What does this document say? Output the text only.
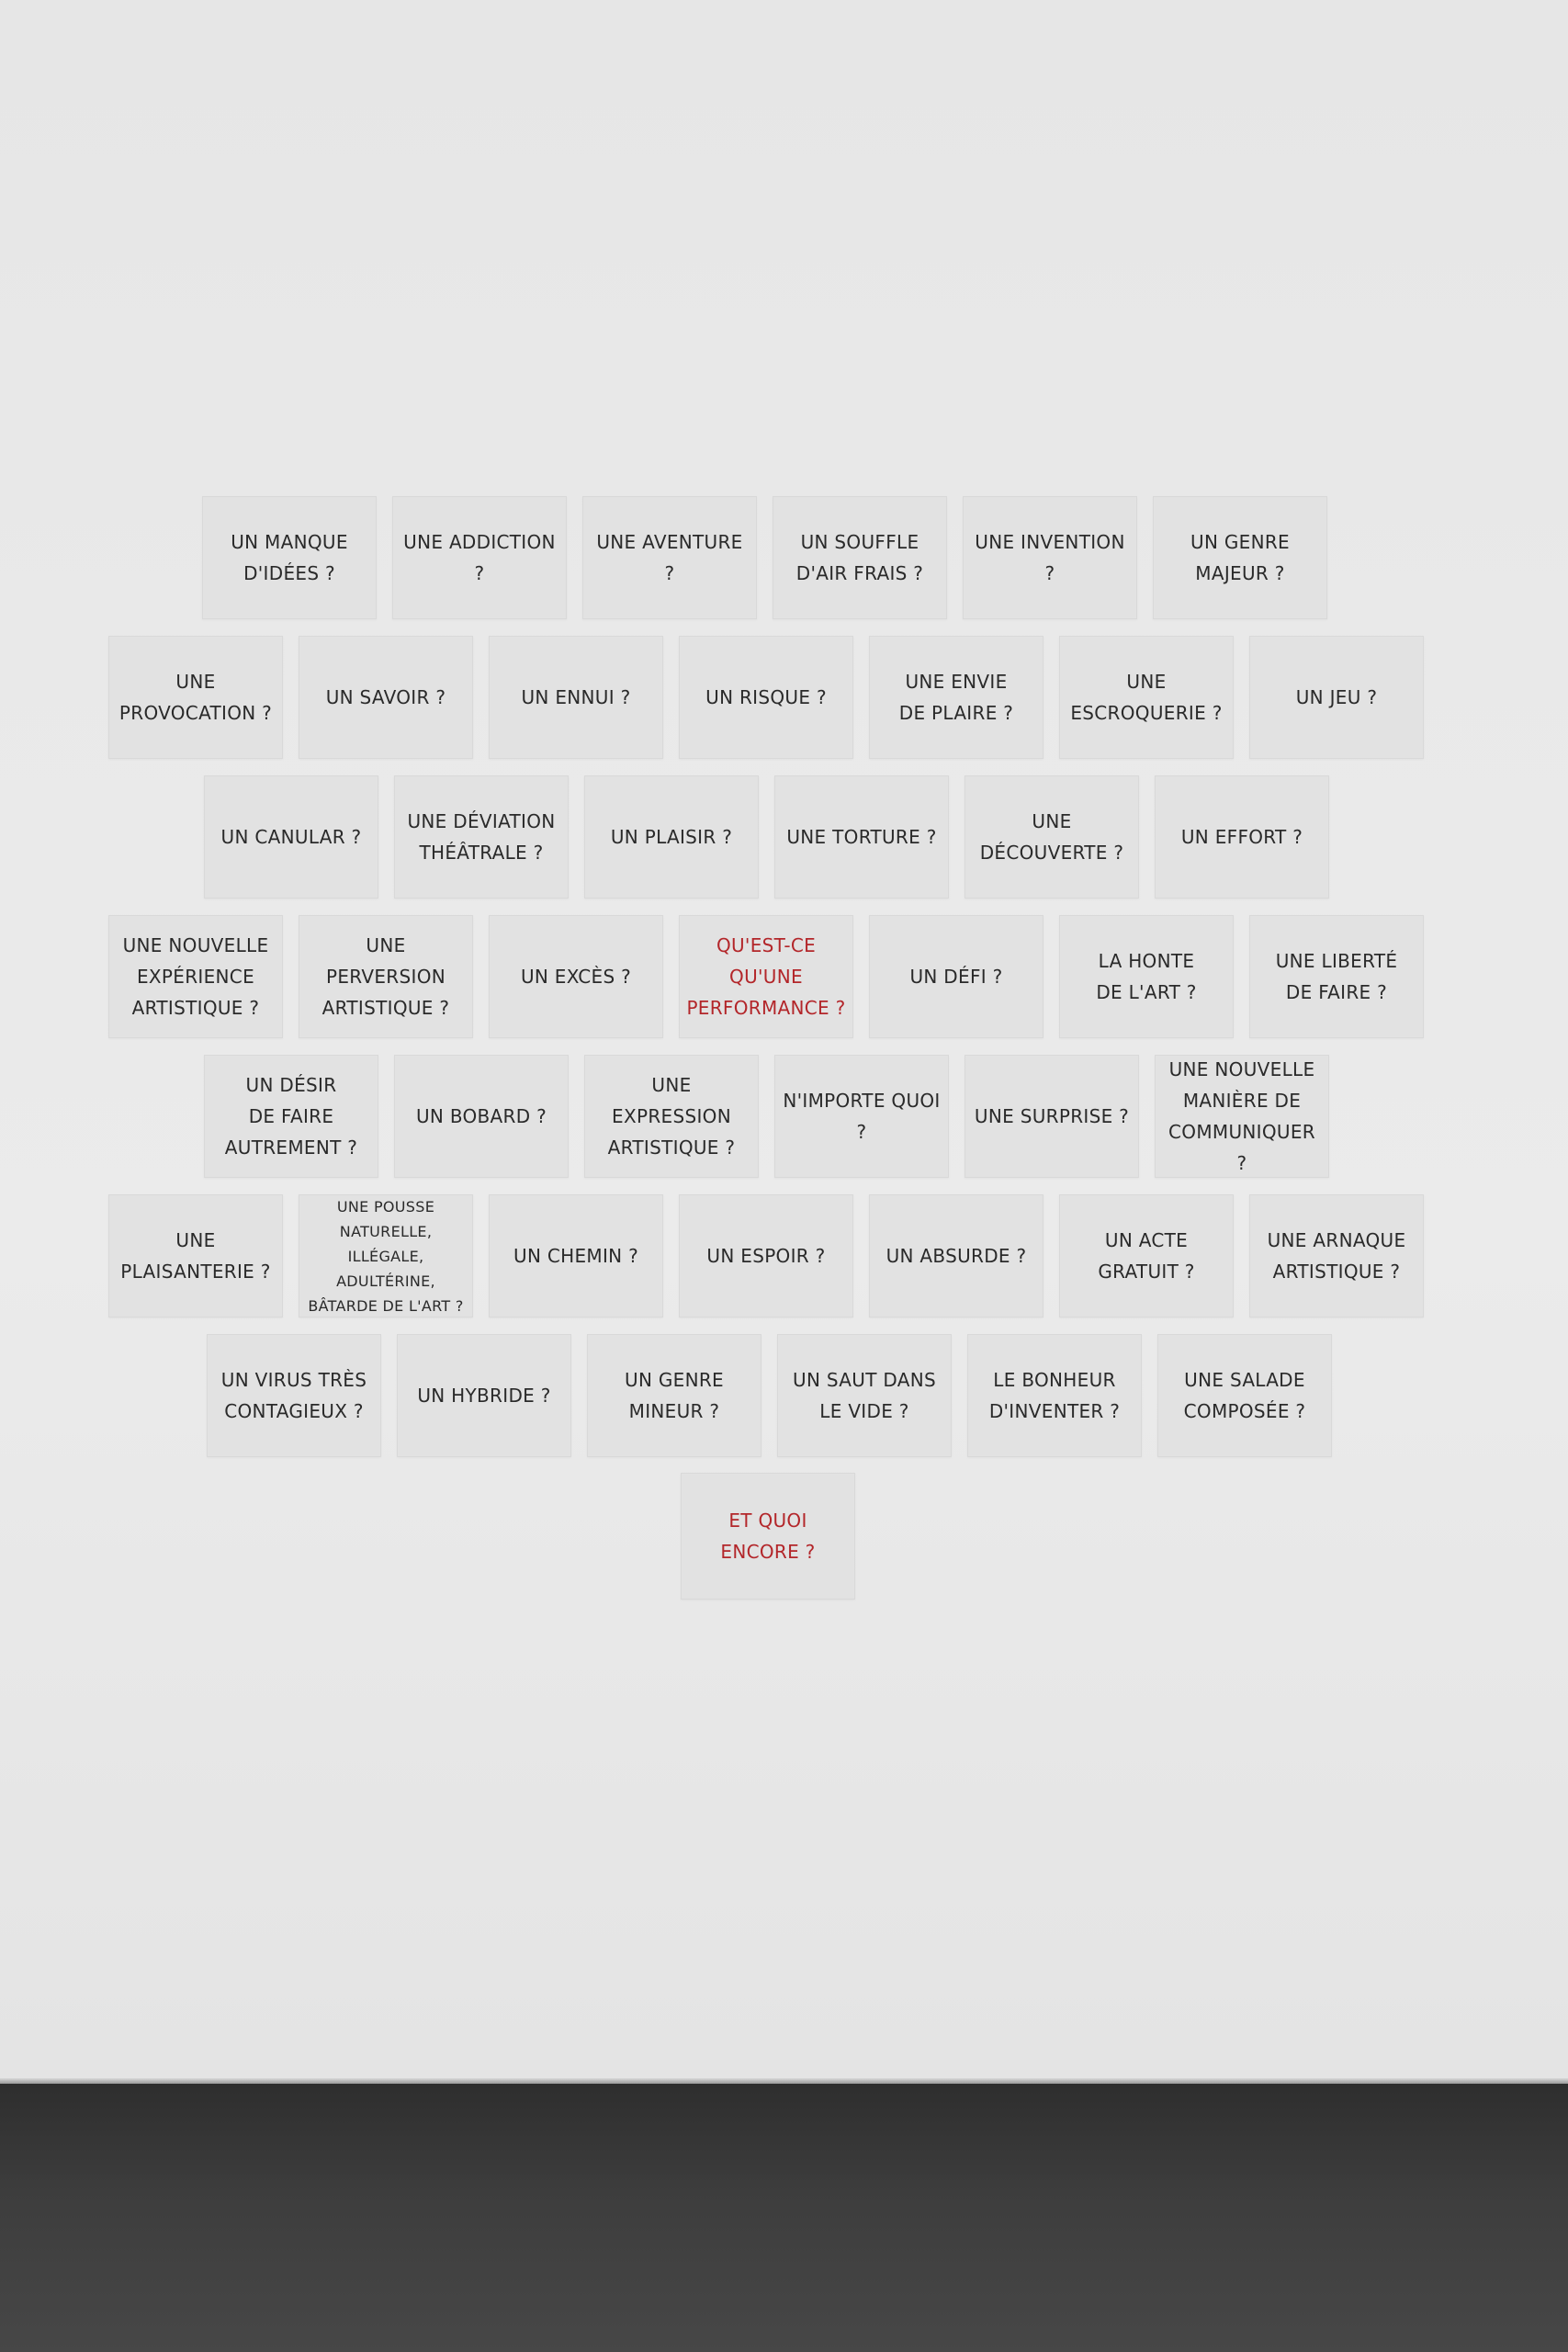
UN MANQUE
D'IDÉES ?
UNE ADDICTION ?
UNE AVENTURE ?
UN SOUFFLE
D'AIR FRAIS ?
UNE INVENTION ?
UN GENRE
MAJEUR ?
UNE PROVOCATION ?
UN SAVOIR ?	UN ENNUI ?	UN RISQUE ?
UNE ENVIE
DE PLAIRE ?
UNE ESCROQUERIE ?
UN JEU ?
UN CANULAR ?
UNE DÉVIATION
THÉÂTRALE ?
UN PLAISIR ?	UNE TORTURE ?
UNE DÉCOUVERTE ?
UN EFFORT ?
UNE NOUVELLE
EXPÉRIENCE
ARTISTIQUE ?
UNE PERVERSION
ARTISTIQUE ?
UN EXCÈS ?
QU'EST-CE QU'UNE
PERFORMANCE ?
UN DÉFI ?
LA HONTE
DE L'ART ?
UNE LIBERTÉ
DE FAIRE ?
UN DÉSIR
DE FAIRE
AUTREMENT ?
UN BOBARD ?
UNE EXPRESSION
ARTISTIQUE ?
N'IMPORTE QUOI ?
UNE SURPRISE ?
UNE NOUVELLE
MANIÈRE DE
COMMUNIQUER ?
UNE PLAISANTERIE ?
UNE POUSSE NATURELLE,
ILLÉGALE, ADULTÉRINE,
BÂTARDE DE L'ART ?
UN CHEMIN ?	UN ESPOIR ?	UN ABSURDE ?
UN ACTE
GRATUIT ?
UNE ARNAQUE
ARTISTIQUE ?
UN VIRUS TRÈS
CONTAGIEUX ?
UN HYBRIDE ?
UN GENRE
MINEUR ?
UN SAUT DANS
LE VIDE ?
LE BONHEUR
D'INVENTER ?
UNE SALADE
COMPOSÉE ?
ET QUOI ENCORE ?
